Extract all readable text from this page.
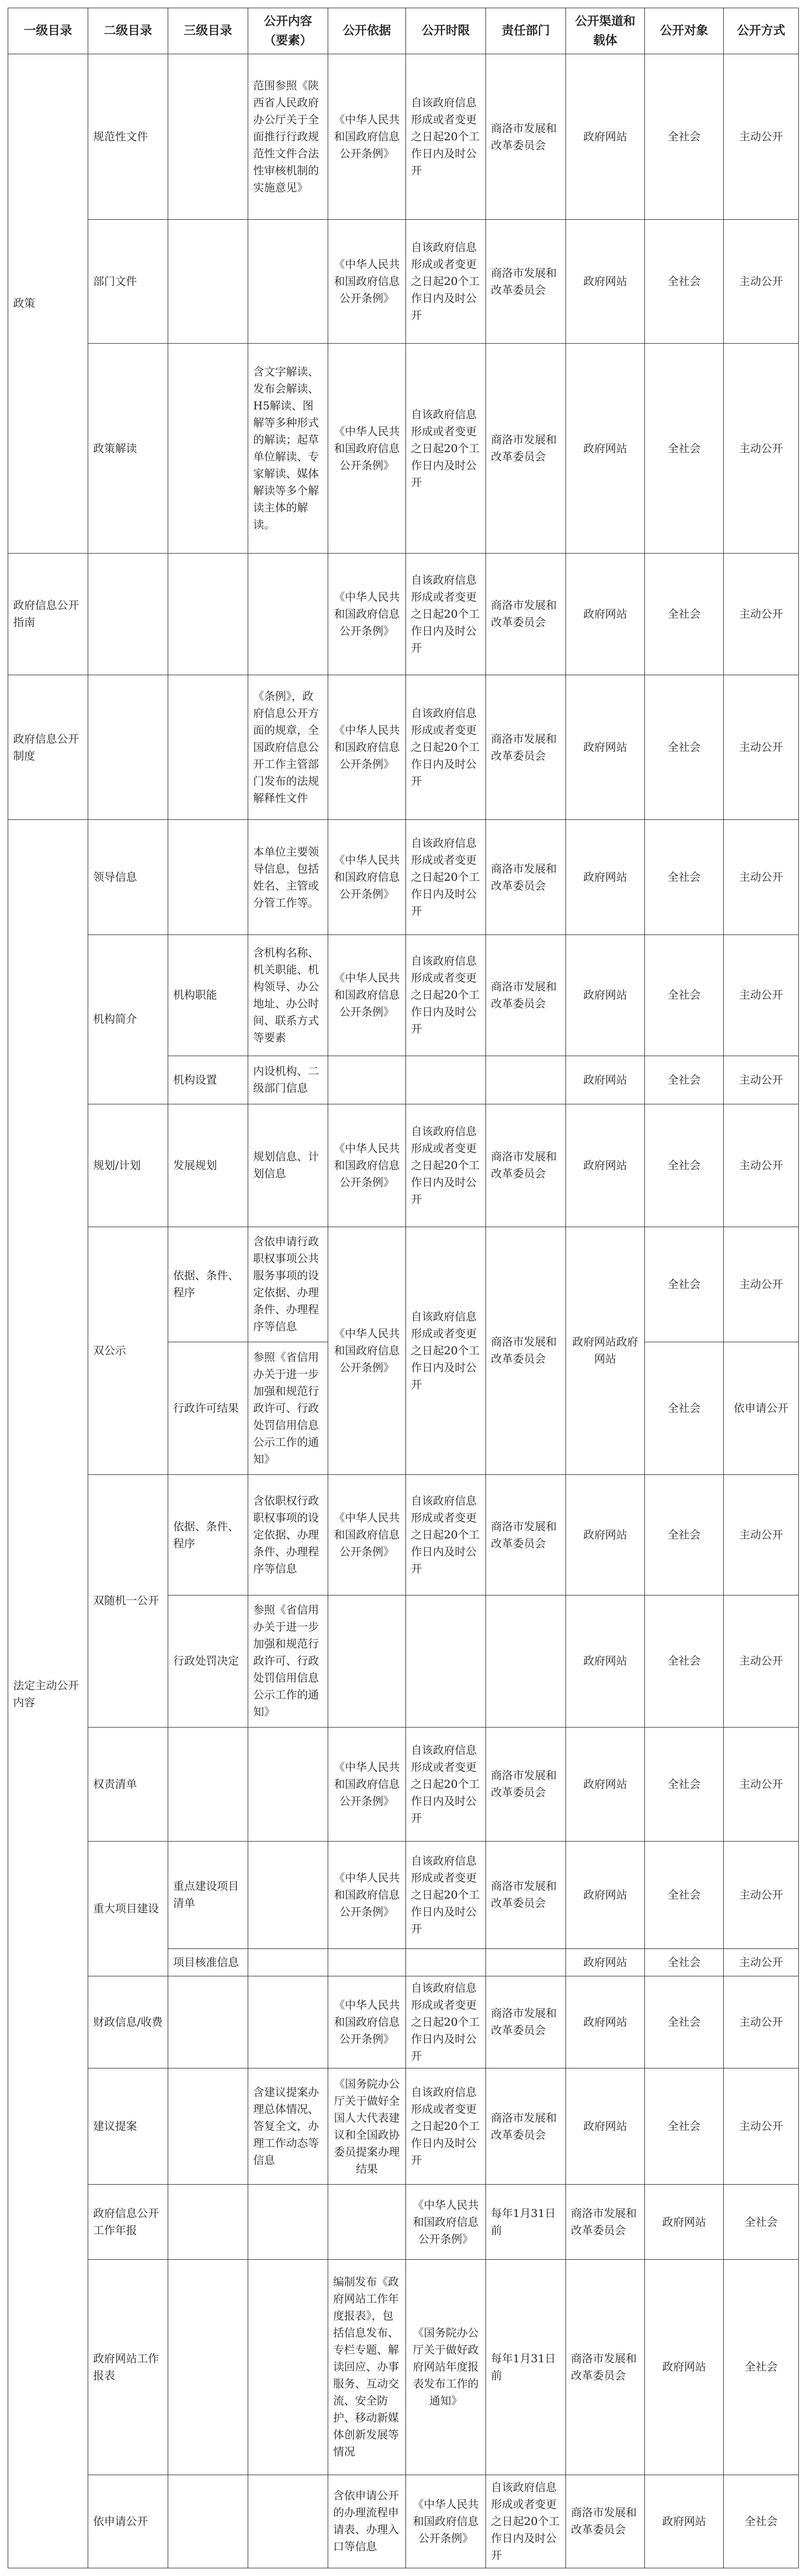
一级目录	二级目录	三级目录	公开内容（要素）	公开依据	公开时限	责任部门	公开渠道和载体	公开对象	公开方式	
政策	规范性文件		范围参照《陕西省人民政府办公厅关于全面推行行政规范性文件合法性审核机制的实施意见》	《中华人民共和国政府信息公开条例》	自该政府信息形成或者变更之日起20个工作日内及时公开	商洛市发展和改革委员会	政府网站	全社会	主动公开	
	部门文件			《中华人民共和国政府信息公开条例》	自该政府信息形成或者变更之日起20个工作日内及时公开	商洛市发展和改革委员会	政府网站	全社会	主动公开	
	政策解读		含文字解读、发布会解读、H5解读、图解等多种形式的解读；起草单位解读、专家解读、媒体解读等多个解读主体的解读。	《中华人民共和国政府信息公开条例》	自该政府信息形成或者变更之日起20个工作日内及时公开	商洛市发展和改革委员会	政府网站	全社会	主动公开	
政府信息公开指南				《中华人民共和国政府信息公开条例》	自该政府信息形成或者变更之日起20个工作日内及时公开	商洛市发展和改革委员会	政府网站	全社会	主动公开	
政府信息公开制度			《条例》，政府信息公开方面的规章，全国政府信息公开工作主管部门发布的法规解释性文件	《中华人民共和国政府信息公开条例》	自该政府信息形成或者变更之日起20个工作日内及时公开	商洛市发展和改革委员会	政府网站	全社会	主动公开	
法定主动公开内容	领导信息		本单位主要领导信息，包括姓名、主管或分管工作等。	《中华人民共和国政府信息公开条例》	自该政府信息形成或者变更之日起20个工作日内及时公开	商洛市发展和改革委员会	政府网站	全社会	主动公开	
	机构简介	机构职能	含机构名称、机关职能、机构领导、办公地址、办公时间、联系方式等要素	《中华人民共和国政府信息公开条例》	自该政府信息形成或者变更之日起20个工作日内及时公开	商洛市发展和改革委员会	政府网站	全社会	主动公开	
		机构设置	内设机构、二级部门信息				政府网站	全社会	主动公开	
	规划/计划	发展规划	规划信息、计划信息	《中华人民共和国政府信息公开条例》	自该政府信息形成或者变更之日起20个工作日内及时公开	商洛市发展和改革委员会	政府网站	全社会	主动公开	
	双公示	依据、条件、程序	含依申请行政职权事项公共服务事项的设定依据、办理条件、办理程序等信息	《中华人民共和国政府信息公开条例》	自该政府信息形成或者变更之日起20个工作日内及时公开	商洛市发展和改革委员会	政府网站政府网站	全社会	主动公开	
		行政许可结果	参照《省信用办关于进一步加强和规范行政许可、行政处罚信用信息公示工作的通知》					全社会	依申请公开	
	双随机一公开	依据、条件、程序	含依职权行政职权事项的设定依据、办理条件、办理程序等信息	《中华人民共和国政府信息公开条例》	自该政府信息形成或者变更之日起20个工作日内及时公开	商洛市发展和改革委员会	政府网站	全社会	主动公开	
		行政处罚决定	参照《省信用办关于进一步加强和规范行政许可、行政处罚信用信息公示工作的通知》				政府网站	全社会	主动公开	
	权责清单			《中华人民共和国政府信息公开条例》	自该政府信息形成或者变更之日起20个工作日内及时公开	商洛市发展和改革委员会	政府网站	全社会	主动公开	
	重大项目建设	重点建设项目清单		《中华人民共和国政府信息公开条例》	自该政府信息形成或者变更之日起20个工作日内及时公开	商洛市发展和改革委员会	政府网站	全社会	主动公开	
		项目核准信息					政府网站	全社会	主动公开	
	财政信息/收费			《中华人民共和国政府信息公开条例》	自该政府信息形成或者变更之日起20个工作日内及时公开	商洛市发展和改革委员会	政府网站	全社会	主动公开	
	建议提案		含建议提案办理总体情况、答复全文，办理工作动态等信息	《国务院办公厅关于做好全国人大代表建议和全国政协委员提案办理结果	自该政府信息形成或者变更之日起20个工作日内及时公开	商洛市发展和改革委员会	政府网站	全社会	主动公开	
	政府信息公开工作年报				《中华人民共和国政府信息公开条例》	每年1月31日前	商洛市发展和改革委员会	政府网站	全社会	
	政府网站工作报表			编制发布《政府网站工作年度报表》，包括信息发布、专栏专题、解读回应、办事服务、互动交流、安全防护、移动新媒体创新发展等情况	《国务院办公厅关于做好政府网站年度报表发布工作的通知》	每年1月31日前	商洛市发展和改革委员会	政府网站	全社会	
	依申请公开			含依申请公开的办理流程申请表、办理入口等信息	《中华人民共和国政府信息公开条例》	自该政府信息形成或者变更之日起20个工作日内及时公开	商洛市发展和改革委员会	政府网站	全社会	
